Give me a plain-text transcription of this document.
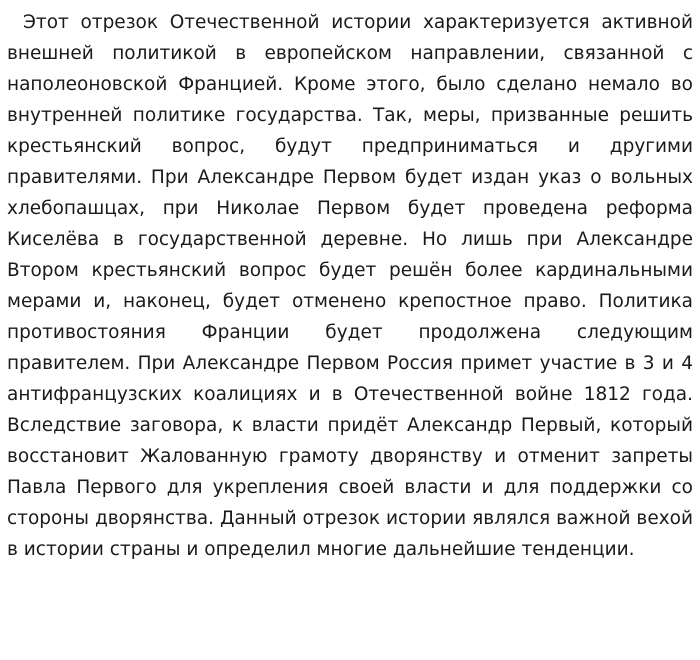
Этот отрезок Отечественной истории характеризуется активной внешней политикой в европейском направлении, связанной с наполеоновской Францией. Кроме этого, было сделано немало во внутренней политике государства. Так, меры, призванные решить крестьянский вопрос, будут предприниматься и другими правителями. При Александре Первом будет издан указ о вольных хлебопашцах, при Николае Первом будет проведена реформа Киселёва в государственной деревне. Но лишь при Александре Втором крестьянский вопрос будет решён более кардинальными мерами и, наконец, будет отменено крепостное право. Политика противостояния Франции будет продолжена следующим правителем. При Александре Первом Россия примет участие в 3 и 4 антифранцузских коалициях и в Отечественной войне 1812 года. Вследствие заговора, к власти придёт Александр Первый, который восстановит Жалованную грамоту дворянству и отменит запреты Павла Первого для укрепления своей власти и для поддержки со стороны дворянства. Данный отрезок истории являлся важной вехой в истории страны и определил многие дальнейшие тенденции.
